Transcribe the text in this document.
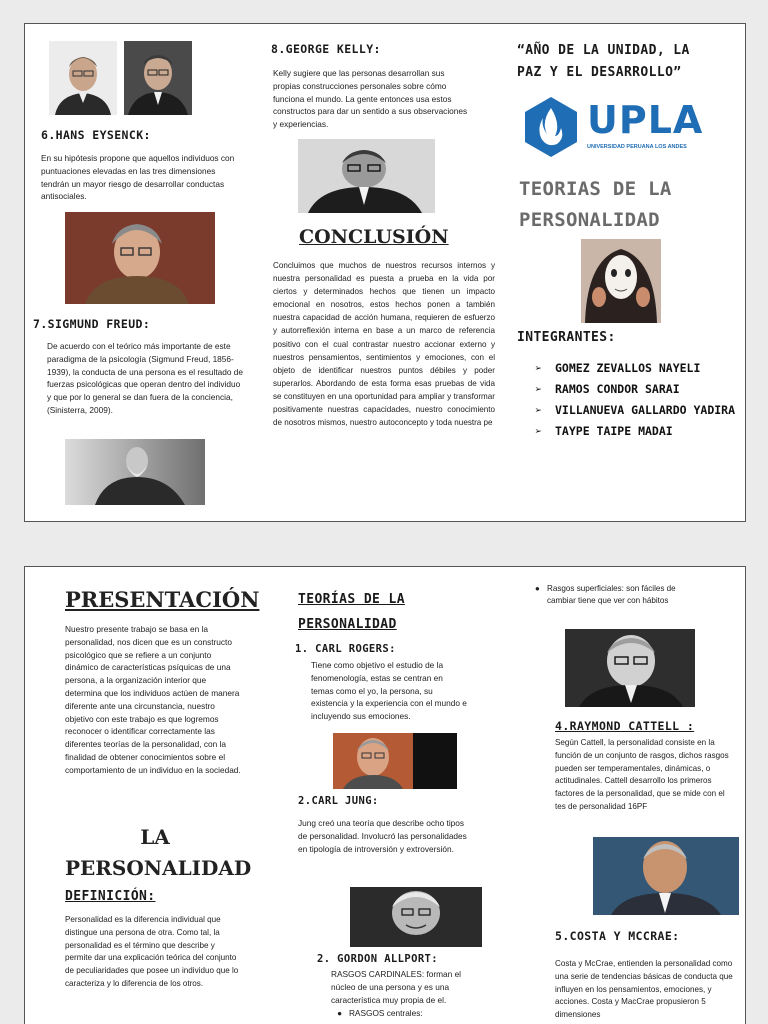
6.HANS EYSENCK:
En su hipótesis propone que aquellos individuos con puntuaciones elevadas en las tres dimensiones tendrán un mayor riesgo de desarrollar conductas antisociales.
7.SIGMUND FREUD:
De acuerdo con el teórico más importante de este paradigma de la psicología (Sigmund Freud, 1856-1939), la conducta de una persona es el resultado de fuerzas psicológicas que operan dentro del individuo y que por lo general se dan fuera de la conciencia, (Sinisterra, 2009).
8.GEORGE KELLY:
Kelly sugiere que las personas desarrollan sus propias construcciones personales sobre cómo funciona el mundo. La gente entonces usa estos constructos para dar un sentido a sus observaciones y experiencias.
CONCLUSIÓN
Concluimos que muchos de nuestros recursos internos y nuestra personalidad es puesta a prueba en la vida por ciertos y determinados hechos que tienen un impacto emocional en nosotros, estos hechos ponen a también nuestra capacidad de acción humana, requieren de esfuerzo y autorreflexión interna en base a un marco de referencia positivo con el cual contrastar nuestro accionar externo y nuestros pensamientos, sentimientos y emociones, con el objeto de identificar nuestros puntos débiles y poder superarlos. Abordando de esta forma esas pruebas de vida se constituyen en una oportunidad para ampliar y transformar positivamente nuestras capacidades, nuestro conocimiento de nosotros mismos, nuestro autoconcepto y toda nuestra pe
“AÑO DE LA UNIDAD, LA PAZ Y EL DESARROLLO”
UPLA
UNIVERSIDAD PERUANA LOS ANDES
TEORIAS DE LA PERSONALIDAD
INTEGRANTES:
➢ GOMEZ ZEVALLOS NAYELI
➢ RAMOS CONDOR SARAI
➢ VILLANUEVA GALLARDO YADIRA
➢ TAYPE TAIPE MADAI
PRESENTACIÓN
Nuestro presente trabajo se basa en la personalidad, nos dicen que es un constructo psicológico que se refiere a un conjunto dinámico de características psíquicas de una persona, a la organización interior que determina que los individuos actúen de manera diferente ante una circunstancia, nuestro objetivo con este trabajo es que logremos reconocer o identificar correctamente las diferentes teorías de la personalidad, con la finalidad de obtener conocimientos sobre el comportamiento de un individuo en la sociedad.
LA PERSONALIDAD
DEFINICIÓN:
Personalidad es la diferencia individual que distingue una persona de otra. Como tal, la personalidad es el término que describe y permite dar una explicación teórica del conjunto de peculiaridades que posee un individuo que lo caracteriza y lo diferencia de los otros.
TEORÍAS DE LA PERSONALIDAD
1. CARL ROGERS:
Tiene como objetivo el estudio de la fenomenología, estas se centran en temas como el yo, la persona, su existencia y la experiencia con el mundo e incluyendo sus emociones.
2.CARL JUNG:
Jung creó una teoría que describe ocho tipos de personalidad. Involucró las personalidades en tipología de introversión y extroversión.
2. GORDON ALLPORT:
RASGOS CARDINALES: forman el núcleo de una persona y es una característica muy propia de el.
●   RASGOS centrales:
● Rasgos superficiales: son fáciles de cambiar tiene que ver con hábitos
4.RAYMOND CATTELL :
Según Cattell, la personalidad consiste en la función de un conjunto de rasgos, dichos rasgos pueden ser temperamentales, dinámicas, o actitudinales. Cattell desarrollo los primeros factores de la personalidad, que se mide con el tes de personalidad 16PF
5.COSTA Y MCCRAE:
Costa y McCrae, entienden la personalidad como una serie de tendencias básicas de conducta que influyen en los pensamientos, emociones, y acciones. Costa y MacCrae propusieron 5 dimensiones
